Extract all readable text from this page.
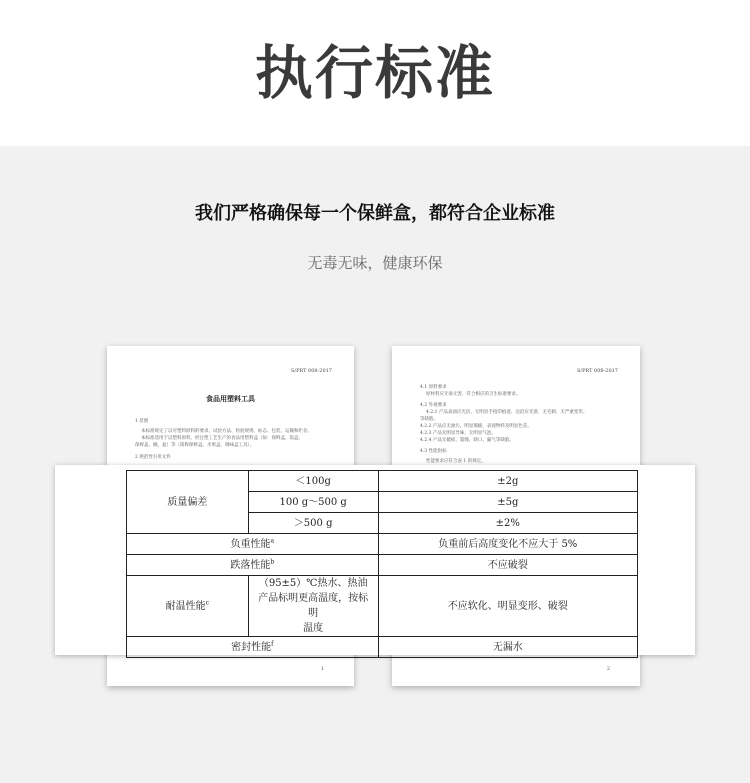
执行标准
我们严格确保每一个保鲜盒，都符合企业标准
无毒无味，健康环保
S/PRT 008-2017
食品用塑料工具
1 范围
本标准规定了以可塑料原料的要求、试验方法、检验规则、标志、包装、运输和贮存。
本标准适用于以塑料原料，经注塑工艺生产的食品用塑料盒（如：保鲜盒、饭盒、
保鲜盖、碗、盆）等（简称保鲜盒、水果盒、调味盒工具）。
2 规范性引用文件
1
S/PRT 008-2017
4.1 原料要求
原材料应无毒无害，符合相应的卫生标准要求。
4.2 外观要求
4.2.1 产品表面应光洁，无明显手指印痕迹、边沿应光滑，无毛刺，无严重变形。
等缺陷。
4.2.2 产品应无油污，明显瑕疵，表观物料及明显色差。
4.2.3 产品无明显异味，无明显气泡。
4.2.4 产品无破损、裂缝、缺口、漏气等缺陷。
4.3 性能指标
性能要求应符合表 1 的规定。
2
质量偏差	＜100g	±2g
	100 g～500 g	±5g
	＞500 g	±2%
负重性能$^a$		负重前后高度变化不应大于 5%
跌落性能$^b$		不应破裂
耐温性能$^c$	（95±5）℃热水、热油
产品标明更高温度，按标明
温度	不应软化、明显变形、破裂
密封性能$^f$		无漏水
